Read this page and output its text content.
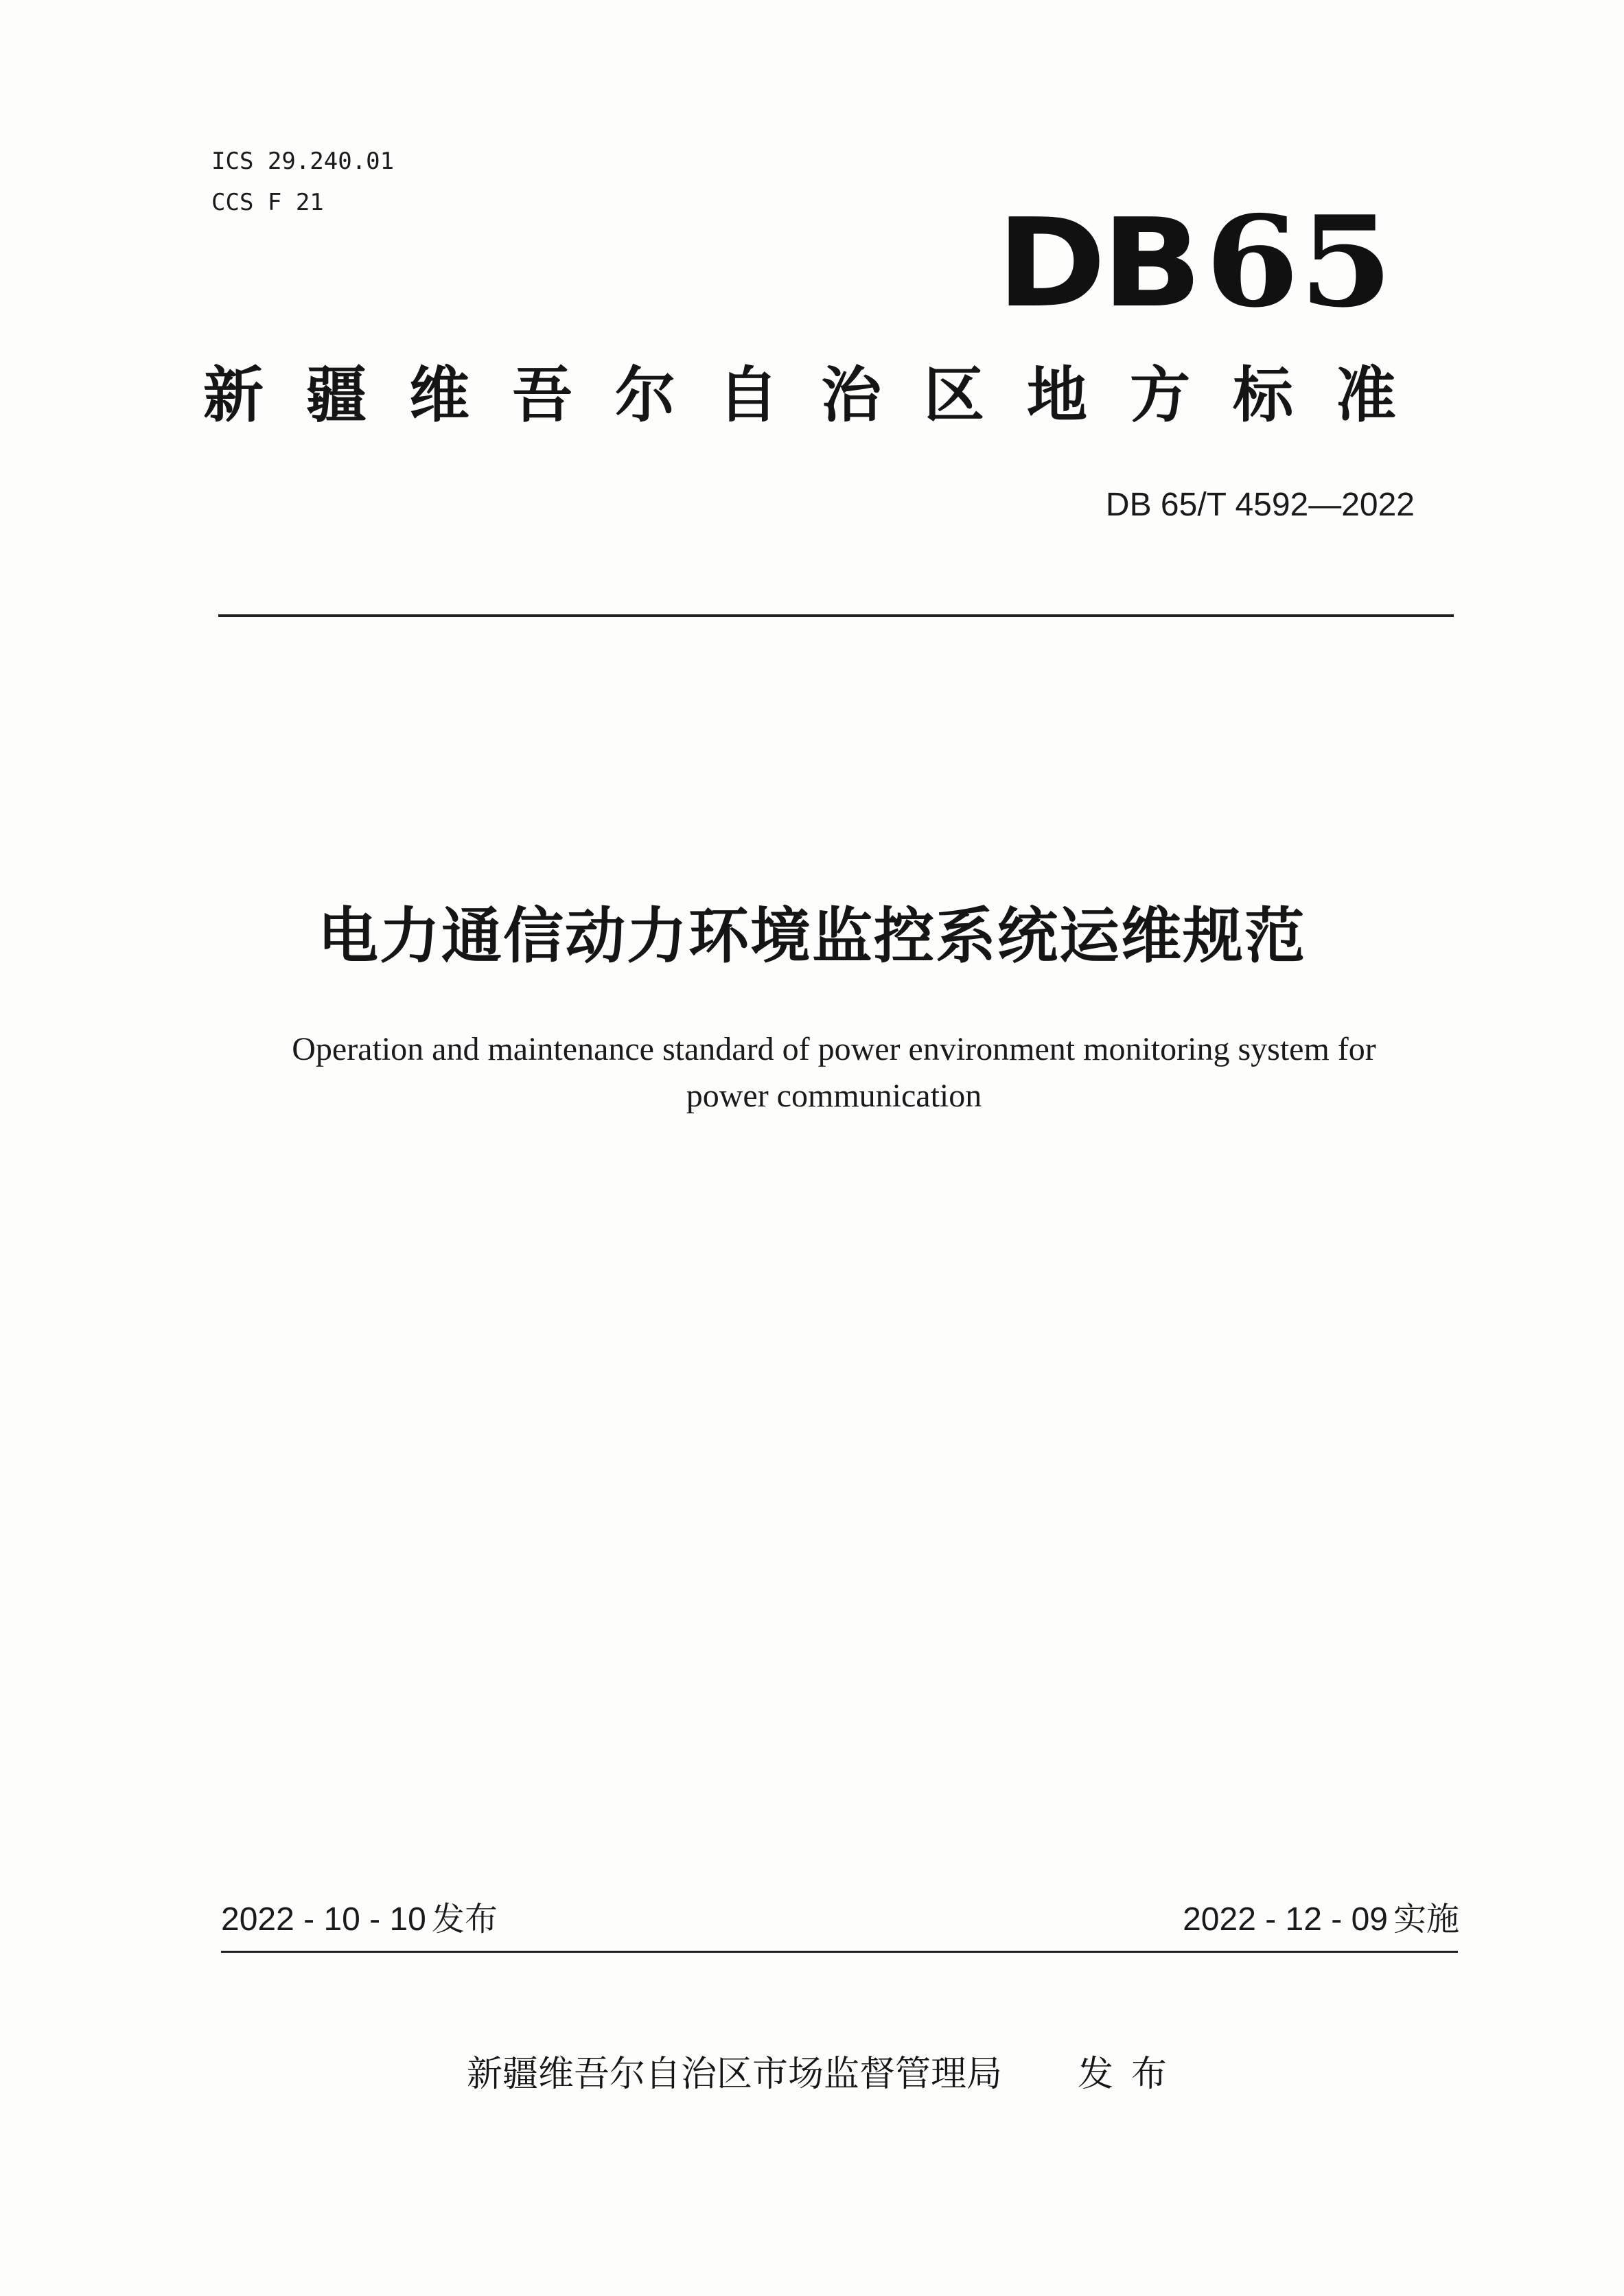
ICS 29.240.01
CCS F 21	DB65
新疆维吾尔自治区地方标准
DB 65/T 4592—2022
电力通信动力环境监控系统运维规范
Operation and maintenance standard of power environment monitoring system for
power communication
2022 - 10 - 10 发布	2022 - 12 - 09 实施
新疆维吾尔自治区市场监督管理局 发布
